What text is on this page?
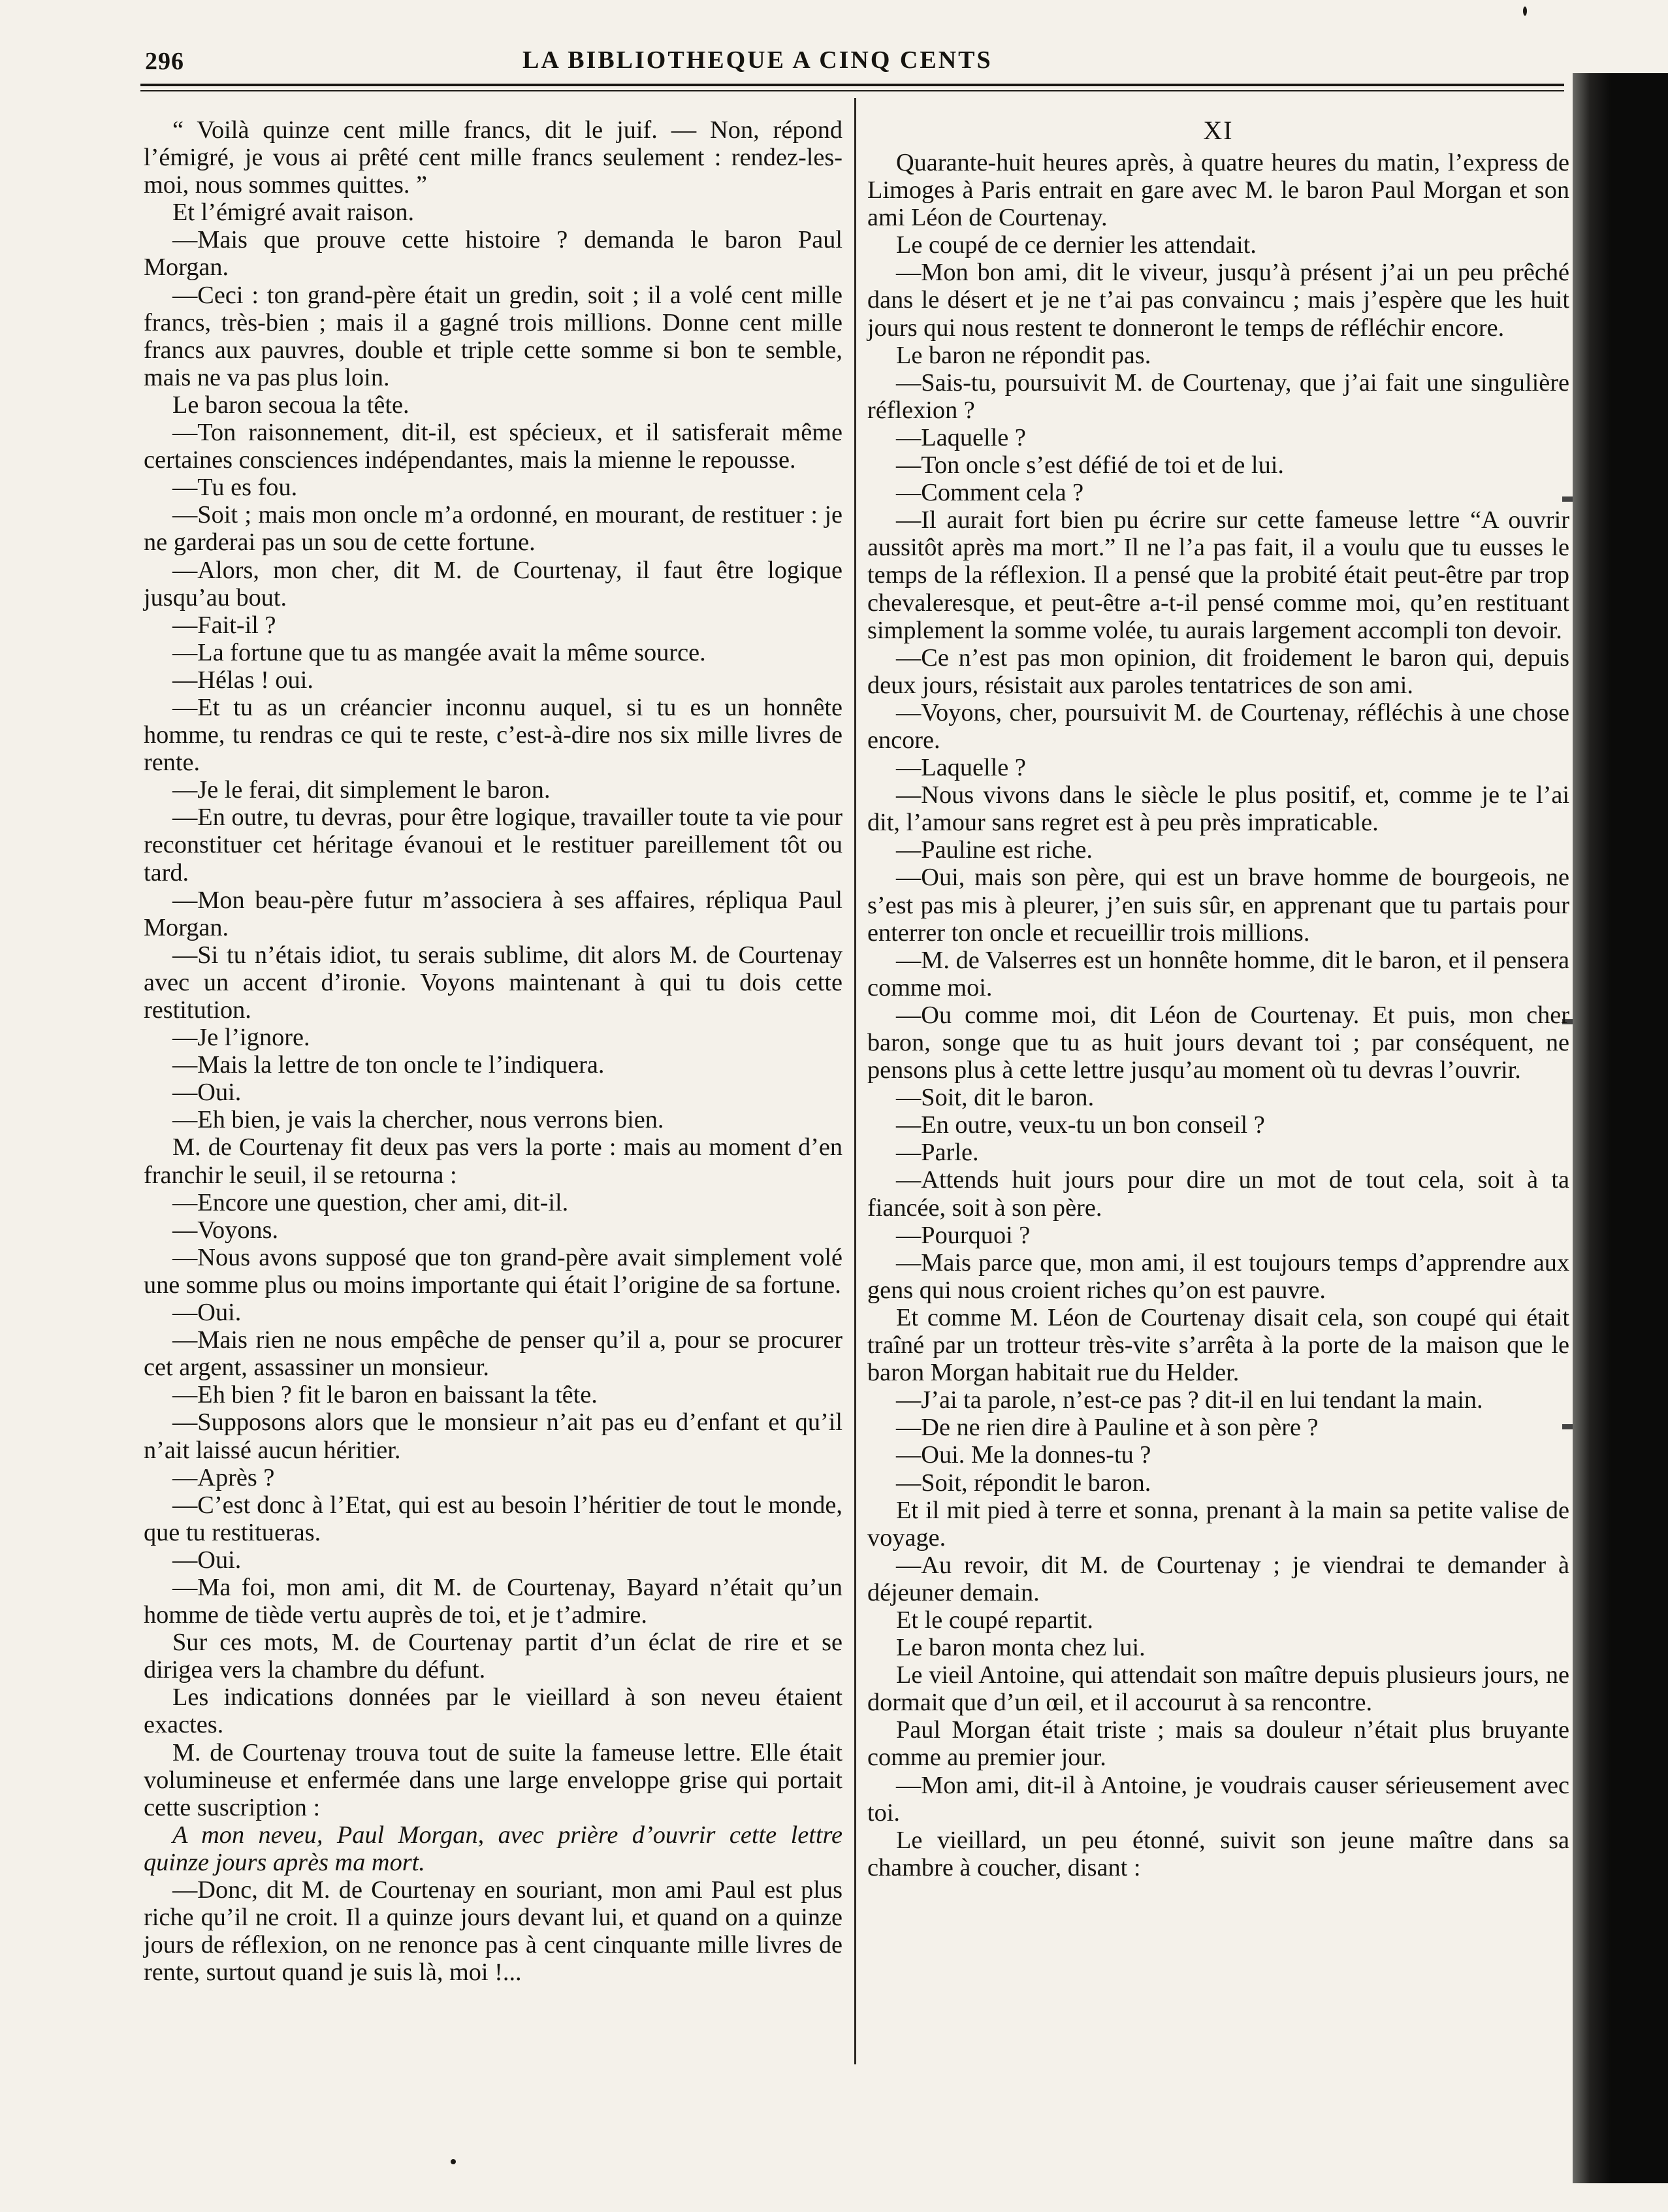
296	LA BIBLIOTHEQUE A CINQ CENTS

“ Voilà quinze cent mille francs, dit le juif. — Non, répond l’émigré, je vous ai prêté cent mille francs seulement : rendez-les-moi, nous sommes quittes. ”

Et l’émigré avait raison.

—Mais que prouve cette histoire ? demanda le baron Paul Morgan.

—Ceci : ton grand-père était un gredin, soit ; il a volé cent mille francs, très-bien ; mais il a gagné trois millions. Donne cent mille francs aux pauvres, double et triple cette somme si bon te semble, mais ne va pas plus loin.

Le baron secoua la tête.

—Ton raisonnement, dit-il, est spécieux, et il satisferait même certaines consciences indépendantes, mais la mienne le repousse.

—Tu es fou.

—Soit ; mais mon oncle m’a ordonné, en mourant, de restituer : je ne garderai pas un sou de cette fortune.

—Alors, mon cher, dit M. de Courtenay, il faut être logique jusqu’au bout.

—Fait-il ?

—La fortune que tu as mangée avait la même source.

—Hélas ! oui.

—Et tu as un créancier inconnu auquel, si tu es un honnête homme, tu rendras ce qui te reste, c’est-à-dire nos six mille livres de rente.

—Je le ferai, dit simplement le baron.

—En outre, tu devras, pour être logique, travailler toute ta vie pour reconstituer cet héritage évanoui et le restituer pareillement tôt ou tard.

—Mon beau-père futur m’associera à ses affaires, répliqua Paul Morgan.

—Si tu n’étais idiot, tu serais sublime, dit alors M. de Courtenay avec un accent d’ironie. Voyons maintenant à qui tu dois cette restitution.

—Je l’ignore.

—Mais la lettre de ton oncle te l’indiquera.

—Oui.

—Eh bien, je vais la chercher, nous verrons bien.

M. de Courtenay fit deux pas vers la porte : mais au moment d’en franchir le seuil, il se retourna :

—Encore une question, cher ami, dit-il.

—Voyons.

—Nous avons supposé que ton grand-père avait simplement volé une somme plus ou moins importante qui était l’origine de sa fortune.

—Oui.

—Mais rien ne nous empêche de penser qu’il a, pour se procurer cet argent, assassiner un monsieur.

—Eh bien ? fit le baron en baissant la tête.

—Supposons alors que le monsieur n’ait pas eu d’enfant et qu’il n’ait laissé aucun héritier.

—Après ?

—C’est donc à l’Etat, qui est au besoin l’héritier de tout le monde, que tu restitueras.

—Oui.

—Ma foi, mon ami, dit M. de Courtenay, Bayard n’était qu’un homme de tiède vertu auprès de toi, et je t’admire.

Sur ces mots, M. de Courtenay partit d’un éclat de rire et se dirigea vers la chambre du défunt.

Les indications données par le vieillard à son neveu étaient exactes.

M. de Courtenay trouva tout de suite la fameuse lettre. Elle était volumineuse et enfermée dans une large enveloppe grise qui portait cette suscription :

A mon neveu, Paul Morgan, avec prière d’ouvrir cette lettre quinze jours après ma mort.

—Donc, dit M. de Courtenay en souriant, mon ami Paul est plus riche qu’il ne croit. Il a quinze jours devant lui, et quand on a quinze jours de réflexion, on ne renonce pas à cent cinquante mille livres de rente, surtout quand je suis là, moi !...

XI

Quarante-huit heures après, à quatre heures du matin, l’express de Limoges à Paris entrait en gare avec M. le baron Paul Morgan et son ami Léon de Courtenay.

Le coupé de ce dernier les attendait.

—Mon bon ami, dit le viveur, jusqu’à présent j’ai un peu prêché dans le désert et je ne t’ai pas convaincu ; mais j’espère que les huit jours qui nous restent te donneront le temps de réfléchir encore.

Le baron ne répondit pas.

—Sais-tu, poursuivit M. de Courtenay, que j’ai fait une singulière réflexion ?

—Laquelle ?

—Ton oncle s’est défié de toi et de lui.

—Comment cela ?

—Il aurait fort bien pu écrire sur cette fameuse lettre “A ouvrir aussitôt après ma mort.” Il ne l’a pas fait, il a voulu que tu eusses le temps de la réflexion. Il a pensé que la probité était peut-être par trop chevaleresque, et peut-être a-t-il pensé comme moi, qu’en restituant simplement la somme volée, tu aurais largement accompli ton devoir.

—Ce n’est pas mon opinion, dit froidement le baron qui, depuis deux jours, résistait aux paroles tentatrices de son ami.

—Voyons, cher, poursuivit M. de Courtenay, réfléchis à une chose encore.

—Laquelle ?

—Nous vivons dans le siècle le plus positif, et, comme je te l’ai dit, l’amour sans regret est à peu près impraticable.

—Pauline est riche.

—Oui, mais son père, qui est un brave homme de bourgeois, ne s’est pas mis à pleurer, j’en suis sûr, en apprenant que tu partais pour enterrer ton oncle et recueillir trois millions.

—M. de Valserres est un honnête homme, dit le baron, et il pensera comme moi.

—Ou comme moi, dit Léon de Courtenay. Et puis, mon cher baron, songe que tu as huit jours devant toi ; par conséquent, ne pensons plus à cette lettre jusqu’au moment où tu devras l’ouvrir.

—Soit, dit le baron.

—En outre, veux-tu un bon conseil ?

—Parle.

—Attends huit jours pour dire un mot de tout cela, soit à ta fiancée, soit à son père.

—Pourquoi ?

—Mais parce que, mon ami, il est toujours temps d’apprendre aux gens qui nous croient riches qu’on est pauvre.

Et comme M. Léon de Courtenay disait cela, son coupé qui était traîné par un trotteur très-vite s’arrêta à la porte de la maison que le baron Morgan habitait rue du Helder.

—J’ai ta parole, n’est-ce pas ? dit-il en lui tendant la main.

—De ne rien dire à Pauline et à son père ?

—Oui. Me la donnes-tu ?

—Soit, répondit le baron.

Et il mit pied à terre et sonna, prenant à la main sa petite valise de voyage.

—Au revoir, dit M. de Courtenay ; je viendrai te demander à déjeuner demain.

Et le coupé repartit.

Le baron monta chez lui.

Le vieil Antoine, qui attendait son maître depuis plusieurs jours, ne dormait que d’un œil, et il accourut à sa rencontre.

Paul Morgan était triste ; mais sa douleur n’était plus bruyante comme au premier jour.

—Mon ami, dit-il à Antoine, je voudrais causer sérieusement avec toi.

Le vieillard, un peu étonné, suivit son jeune maître dans sa chambre à coucher, disant :
